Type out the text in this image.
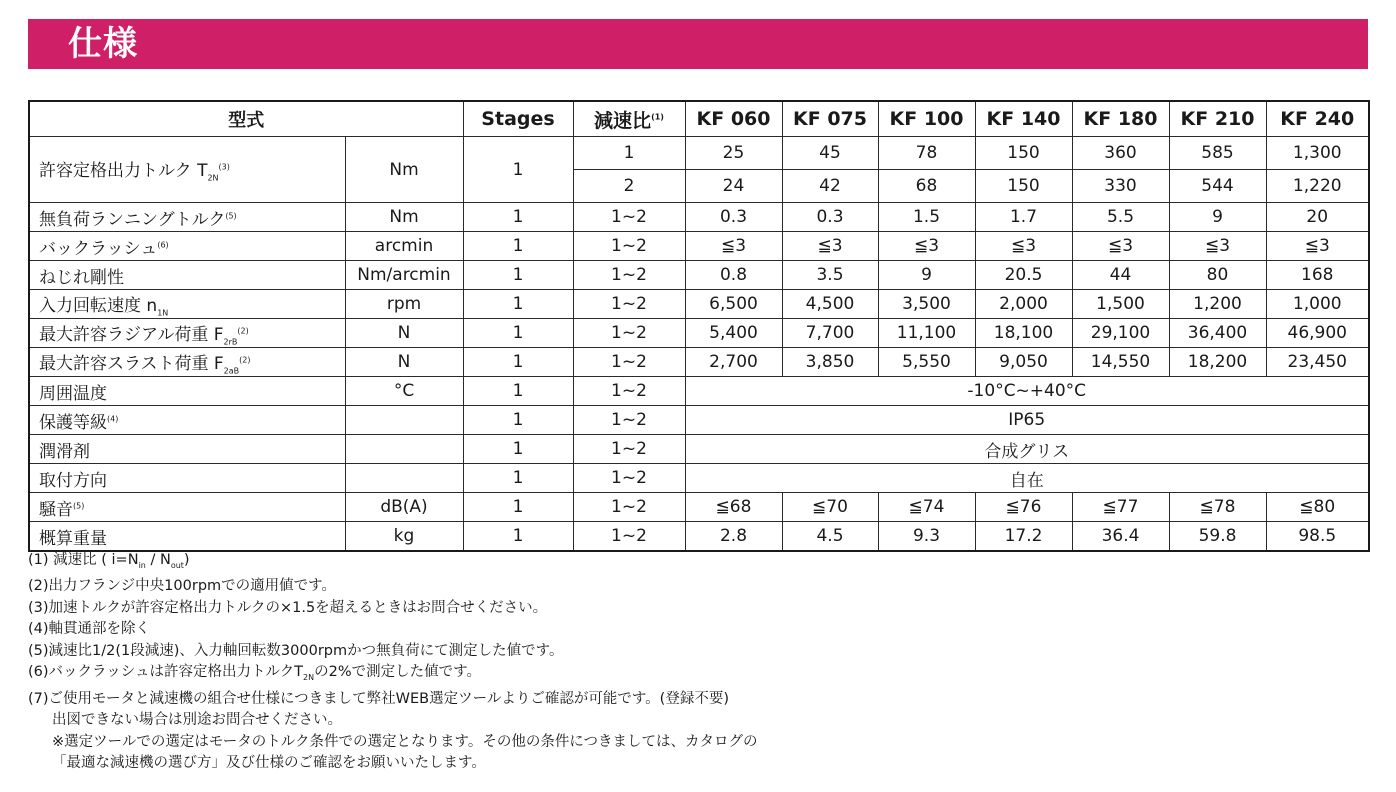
仕様
型式		Stages	減速比$^{(1)}$	KF 060	KF 075	KF 100	KF 140	KF 180	KF 210	KF 240
許容定格出力トルク $T_{2N}^{(3)}$	Nm	1	1	25	45	78	150	360	585	1,300
			2	24	42	68	150	330	544	1,220
無負荷ランニングトルク$^{(5)}$	Nm	1	1~2	0.3	0.3	1.5	1.7	5.5	9	20
バックラッシュ$^{(6)}$	arcmin	1	1~2	≦3	≦3	≦3	≦3	≦3	≦3	≦3
ねじれ剛性	Nm/arcmin	1	1~2	0.8	3.5	9	20.5	44	80	168
入力回転速度 $n_{1N}$	rpm	1	1~2	6,500	4,500	3,500	2,000	1,500	1,200	1,000
最大許容ラジアル荷重 $F_{2rB}^{(2)}$	N	1	1~2	5,400	7,700	11,100	18,100	29,100	36,400	46,900
最大許容スラスト荷重 $F_{2aB}^{(2)}$	N	1	1~2	2,700	3,850	5,550	9,050	14,550	18,200	23,450
周囲温度	°C	1	1~2	-10°C~+40°C						
保護等級$^{(4)}$		1	1~2	IP65						
潤滑剤		1	1~2	合成グリス						
取付方向		1	1~2	自在						
騒音$^{(5)}$	dB(A)	1	1~2	≦68	≦70	≦74	≦76	≦77	≦78	≦80
概算重量	kg	1	1~2	2.8	4.5	9.3	17.2	36.4	59.8	98.5
(1) 減速比 ( $i=N_{in} / N_{out}$)
(2)出力フランジ中央100rpmでの適用値です。
(3)加速トルクが許容定格出力トルクの×1.5を超えるときはお問合せください。
(4)軸貫通部を除く
(5)減速比1/2(1段減速)、入力軸回転数3000rpmかつ無負荷にて測定した値です。
(6)バックラッシュは許容定格出力トルク$T_{2N}$の2%で測定した値です。
(7)ご使用モータと減速機の組合せ仕様につきまして弊社WEB選定ツールよりご確認が可能です。(登録不要)
出図できない場合は別途お問合せください。
※選定ツールでの選定はモータのトルク条件での選定となります。その他の条件につきましては、カタログの
「最適な減速機の選び方」及び仕様のご確認をお願いいたします。
